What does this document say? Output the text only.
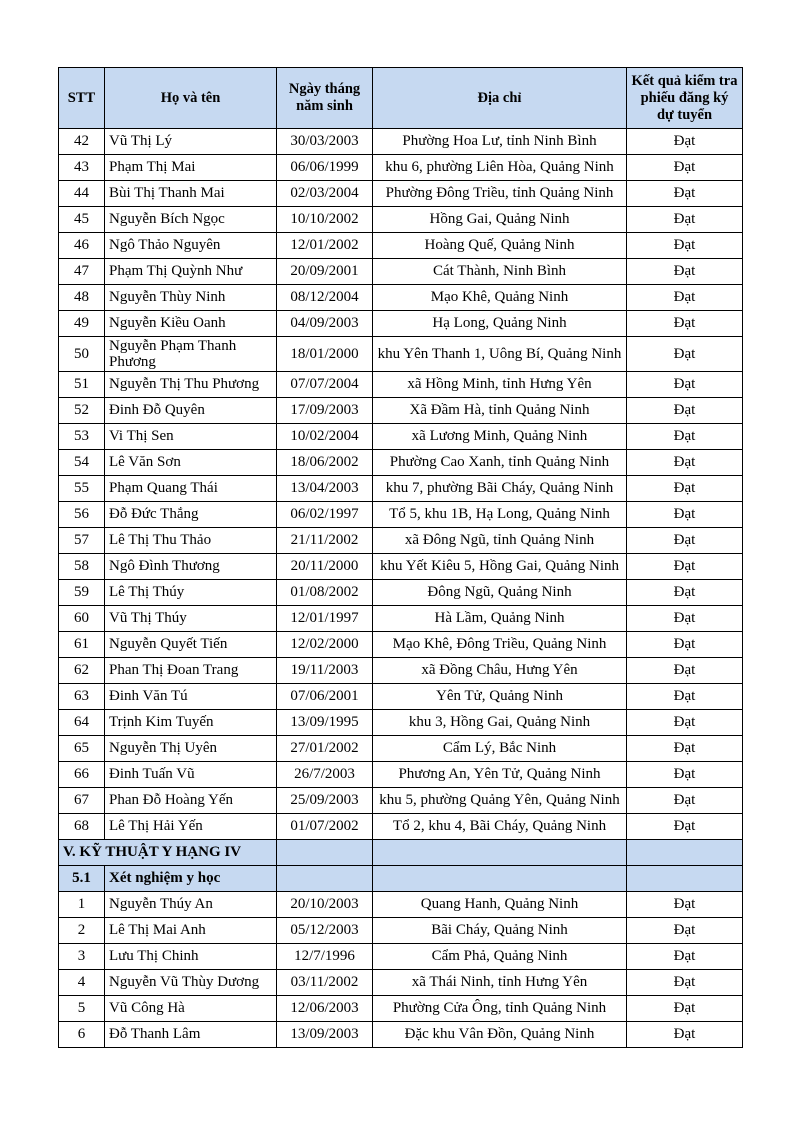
STT	Họ và tên	Ngày tháng năm sinh	Địa chỉ	Kết quả kiểm tra phiếu đăng ký dự tuyển
42	Vũ Thị Lý	30/03/2003	Phường Hoa Lư, tỉnh Ninh Bình	Đạt
43	Phạm Thị Mai	06/06/1999	khu 6, phường Liên Hòa, Quảng Ninh	Đạt
44	Bùi Thị Thanh Mai	02/03/2004	Phường Đông Triều, tỉnh Quảng Ninh	Đạt
45	Nguyễn Bích Ngọc	10/10/2002	Hồng Gai, Quảng Ninh	Đạt
46	Ngô Thảo Nguyên	12/01/2002	Hoàng Quế, Quảng Ninh	Đạt
47	Phạm Thị Quỳnh Như	20/09/2001	Cát Thành, Ninh Bình	Đạt
48	Nguyễn Thùy Ninh	08/12/2004	Mạo Khê, Quảng Ninh	Đạt
49	Nguyễn Kiều Oanh	04/09/2003	Hạ Long, Quảng Ninh	Đạt
50	Nguyễn Phạm Thanh Phương	18/01/2000	khu Yên Thanh 1, Uông Bí, Quảng Ninh	Đạt
51	Nguyễn Thị Thu Phương	07/07/2004	xã Hồng Minh, tỉnh Hưng Yên	Đạt
52	Đinh Đỗ Quyên	17/09/2003	Xã Đầm Hà, tỉnh Quảng Ninh	Đạt
53	Vi Thị Sen	10/02/2004	xã Lương Minh, Quảng Ninh	Đạt
54	Lê Văn Sơn	18/06/2002	Phường Cao Xanh, tỉnh Quảng Ninh	Đạt
55	Phạm Quang Thái	13/04/2003	khu 7, phường Bãi Cháy, Quảng Ninh	Đạt
56	Đỗ Đức Thắng	06/02/1997	Tổ 5, khu 1B, Hạ Long, Quảng Ninh	Đạt
57	Lê Thị Thu Thảo	21/11/2002	xã Đông Ngũ, tỉnh Quảng Ninh	Đạt
58	Ngô Đình Thương	20/11/2000	khu Yết Kiêu 5, Hồng Gai, Quảng Ninh	Đạt
59	Lê Thị Thúy	01/08/2002	Đông Ngũ, Quảng Ninh	Đạt
60	Vũ Thị Thúy	12/01/1997	Hà Lầm, Quảng Ninh	Đạt
61	Nguyễn Quyết Tiến	12/02/2000	Mạo Khê, Đông Triều, Quảng Ninh	Đạt
62	Phan Thị Đoan Trang	19/11/2003	xã Đồng Châu, Hưng Yên	Đạt
63	Đinh Văn Tú	07/06/2001	Yên Tử, Quảng Ninh	Đạt
64	Trịnh Kim Tuyến	13/09/1995	khu 3, Hồng Gai, Quảng Ninh	Đạt
65	Nguyễn Thị Uyên	27/01/2002	Cẩm Lý, Bắc Ninh	Đạt
66	Đinh Tuấn Vũ	26/7/2003	Phương An, Yên Tử, Quảng Ninh	Đạt
67	Phan Đỗ Hoàng Yến	25/09/2003	khu 5, phường Quảng Yên, Quảng Ninh	Đạt
68	Lê Thị Hải Yến	01/07/2002	Tổ 2, khu 4, Bãi Cháy, Quảng Ninh	Đạt
V. KỸ THUẬT Y HẠNG IV				
5.1	Xét nghiệm y học			
1	Nguyễn Thúy An	20/10/2003	Quang Hanh, Quảng Ninh	Đạt
2	Lê Thị Mai Anh	05/12/2003	Bãi Cháy, Quảng Ninh	Đạt
3	Lưu Thị Chinh	12/7/1996	Cẩm Phả, Quảng Ninh	Đạt
4	Nguyễn Vũ Thùy Dương	03/11/2002	xã Thái Ninh, tỉnh Hưng Yên	Đạt
5	Vũ Công Hà	12/06/2003	Phường Cửa Ông, tỉnh Quảng Ninh	Đạt
6	Đỗ Thanh Lâm	13/09/2003	Đặc khu Vân Đồn, Quảng Ninh	Đạt
